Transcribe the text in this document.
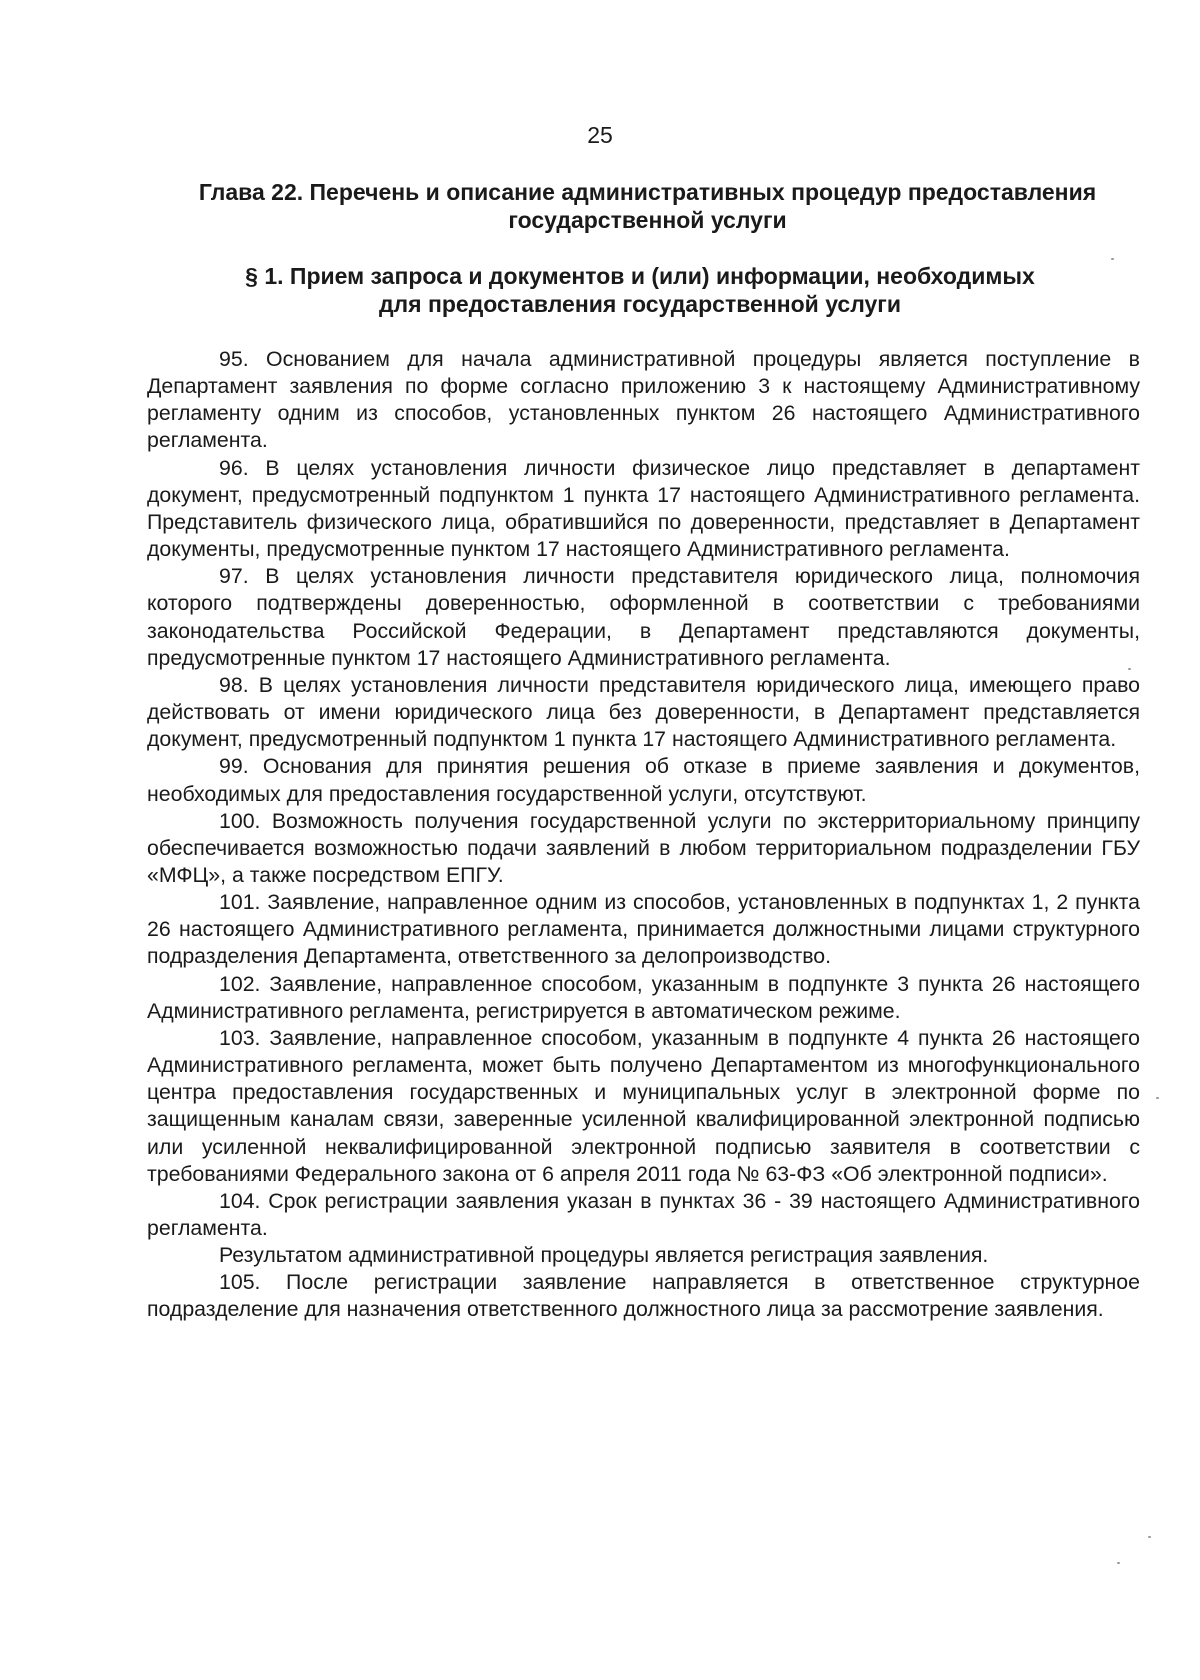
25
Глава 22. Перечень и описание административных процедур предоставления
государственной услуги
§ 1. Прием запроса и документов и (или) информации, необходимых
для предоставления государственной услуги

95. Основанием для начала административной процедуры является поступление в Департамент заявления по форме согласно приложению 3 к настоящему Административному регламенту одним из способов, установленных пунктом 26 настоящего Административного регламента.

96. В целях установления личности физическое лицо представляет в департамент документ, предусмотренный подпунктом 1 пункта 17 настоящего Административного регламента. Представитель физического лица, обратившийся по доверенности, представляет в Департамент документы, предусмотренные пунктом 17 настоящего Административного регламента.

97. В целях установления личности представителя юридического лица, полномочия которого подтверждены доверенностью, оформленной в соответствии с требованиями законодательства Российской Федерации, в Департамент представляются документы, предусмотренные пунктом 17 настоящего Административного регламента.

98. В целях установления личности представителя юридического лица, имеющего право действовать от имени юридического лица без доверенности, в Департамент представляется документ, предусмотренный подпунктом 1 пункта 17 настоящего Административного регламента.

99. Основания для принятия решения об отказе в приеме заявления и документов, необходимых для предоставления государственной услуги, отсутствуют.

100. Возможность получения государственной услуги по экстерриториальному принципу обеспечивается возможностью подачи заявлений в любом территориальном подразделении ГБУ «МФЦ», а также посредством ЕПГУ.

101. Заявление, направленное одним из способов, установленных в подпунктах 1, 2 пункта 26 настоящего Административного регламента, принимается должностными лицами структурного подразделения Департамента, ответственного за делопроизводство.

102. Заявление, направленное способом, указанным в подпункте 3 пункта 26 настоящего Административного регламента, регистрируется в автоматическом режиме.

103. Заявление, направленное способом, указанным в подпункте 4 пункта 26 настоящего Административного регламента, может быть получено Департаментом из многофункционального центра предоставления государственных и муниципальных услуг в электронной форме по защищенным каналам связи, заверенные усиленной квалифицированной электронной подписью или усиленной неквалифицированной электронной подписью заявителя в соответствии с требованиями Федерального закона от 6 апреля 2011 года № 63-ФЗ «Об электронной подписи».

104. Срок регистрации заявления указан в пунктах 36 - 39 настоящего Административного регламента.

Результатом административной процедуры является регистрация заявления.

105. После регистрации заявление направляется в ответственное структурное подразделение для назначения ответственного должностного лица за рассмотрение заявления.
